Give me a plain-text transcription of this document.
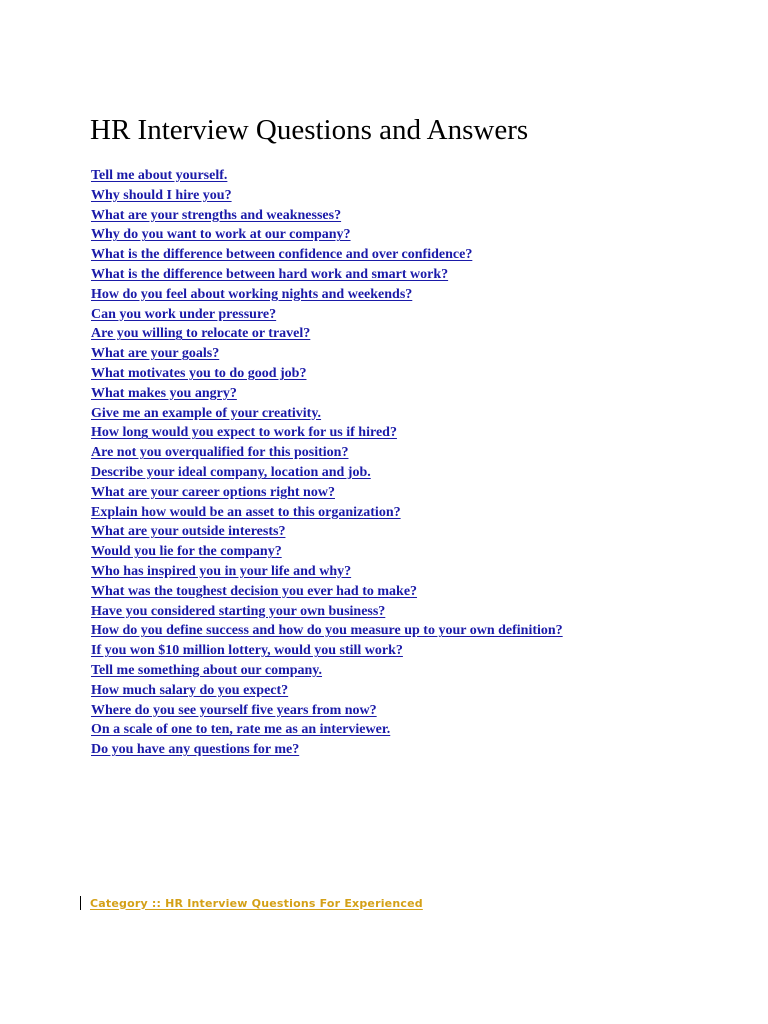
HR Interview Questions and Answers
Tell me about yourself.
Why should I hire you?
What are your strengths and weaknesses?
Why do you want to work at our company?
What is the difference between confidence and over confidence?
What is the difference between hard work and smart work?
How do you feel about working nights and weekends?
Can you work under pressure?
Are you willing to relocate or travel?
What are your goals?
What motivates you to do good job?
What makes you angry?
Give me an example of your creativity.
How long would you expect to work for us if hired?
Are not you overqualified for this position?
Describe your ideal company, location and job.
What are your career options right now?
Explain how would be an asset to this organization?
What are your outside interests?
Would you lie for the company?
Who has inspired you in your life and why?
What was the toughest decision you ever had to make?
Have you considered starting your own business?
How do you define success and how do you measure up to your own definition?
If you won $10 million lottery, would you still work?
Tell me something about our company.
How much salary do you expect?
Where do you see yourself five years from now?
On a scale of one to ten, rate me as an interviewer.
Do you have any questions for me?
Category :: HR Interview Questions For Experienced
